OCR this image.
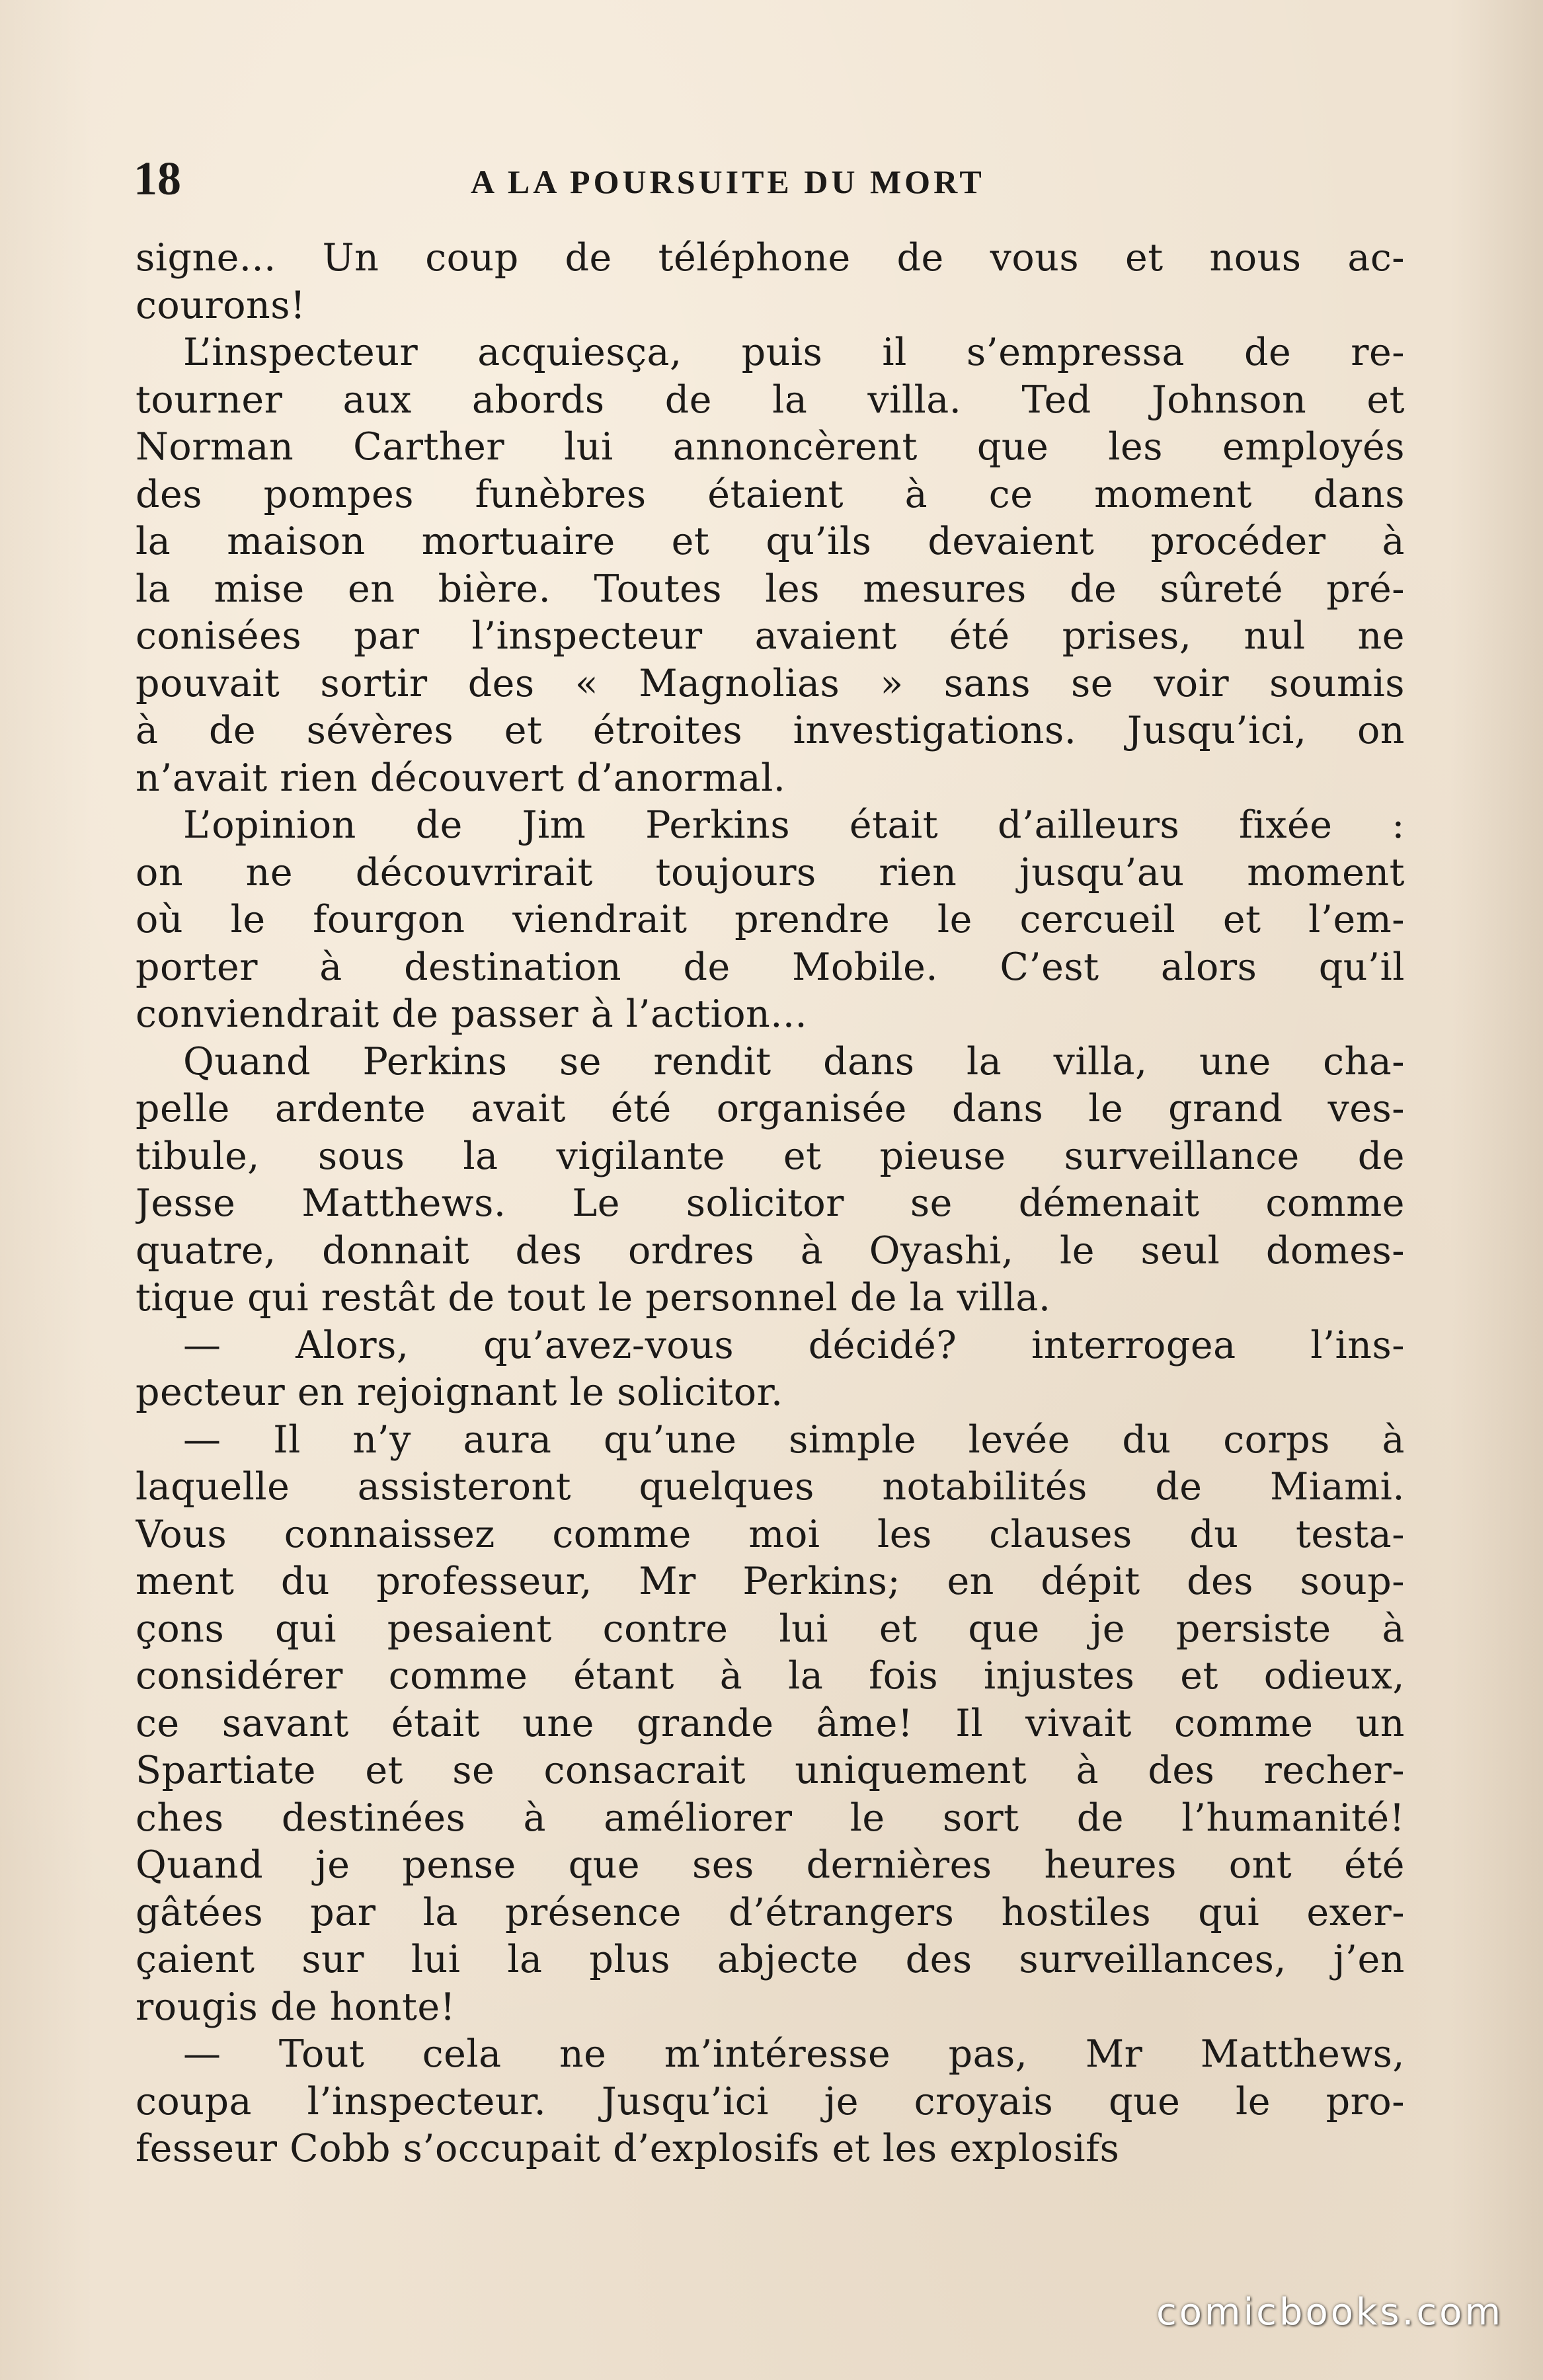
18	A LA POURSUITE DU MORT
signe... Un coup de téléphone de vous et nous ac-
courons!
L’inspecteur acquiesça, puis il s’empressa de re-
tourner aux abords de la villa. Ted Johnson et
Norman Carther lui annoncèrent que les employés
des pompes funèbres étaient à ce moment dans
la maison mortuaire et qu’ils devaient procéder à
la mise en bière. Toutes les mesures de sûreté pré-
conisées par l’inspecteur avaient été prises, nul ne
pouvait sortir des « Magnolias » sans se voir soumis
à de sévères et étroites investigations. Jusqu’ici, on
n’avait rien découvert d’anormal.
L’opinion de Jim Perkins était d’ailleurs fixée :
on ne découvrirait toujours rien jusqu’au moment
où le fourgon viendrait prendre le cercueil et l’em-
porter à destination de Mobile. C’est alors qu’il
conviendrait de passer à l’action...
Quand Perkins se rendit dans la villa, une cha-
pelle ardente avait été organisée dans le grand ves-
tibule, sous la vigilante et pieuse surveillance de
Jesse Matthews. Le solicitor se démenait comme
quatre, donnait des ordres à Oyashi, le seul domes-
tique qui restât de tout le personnel de la villa.
— Alors, qu’avez-vous décidé? interrogea l’ins-
pecteur en rejoignant le solicitor.
— Il n’y aura qu’une simple levée du corps à
laquelle assisteront quelques notabilités de Miami.
Vous connaissez comme moi les clauses du testa-
ment du professeur, Mr Perkins; en dépit des soup-
çons qui pesaient contre lui et que je persiste à
considérer comme étant à la fois injustes et odieux,
ce savant était une grande âme! Il vivait comme un
Spartiate et se consacrait uniquement à des recher-
ches destinées à améliorer le sort de l’humanité!
Quand je pense que ses dernières heures ont été
gâtées par la présence d’étrangers hostiles qui exer-
çaient sur lui la plus abjecte des surveillances, j’en
rougis de honte!
— Tout cela ne m’intéresse pas, Mr Matthews,
coupa l’inspecteur. Jusqu’ici je croyais que le pro-
fesseur Cobb s’occupait d’explosifs et les explosifs
comicbooks.com
